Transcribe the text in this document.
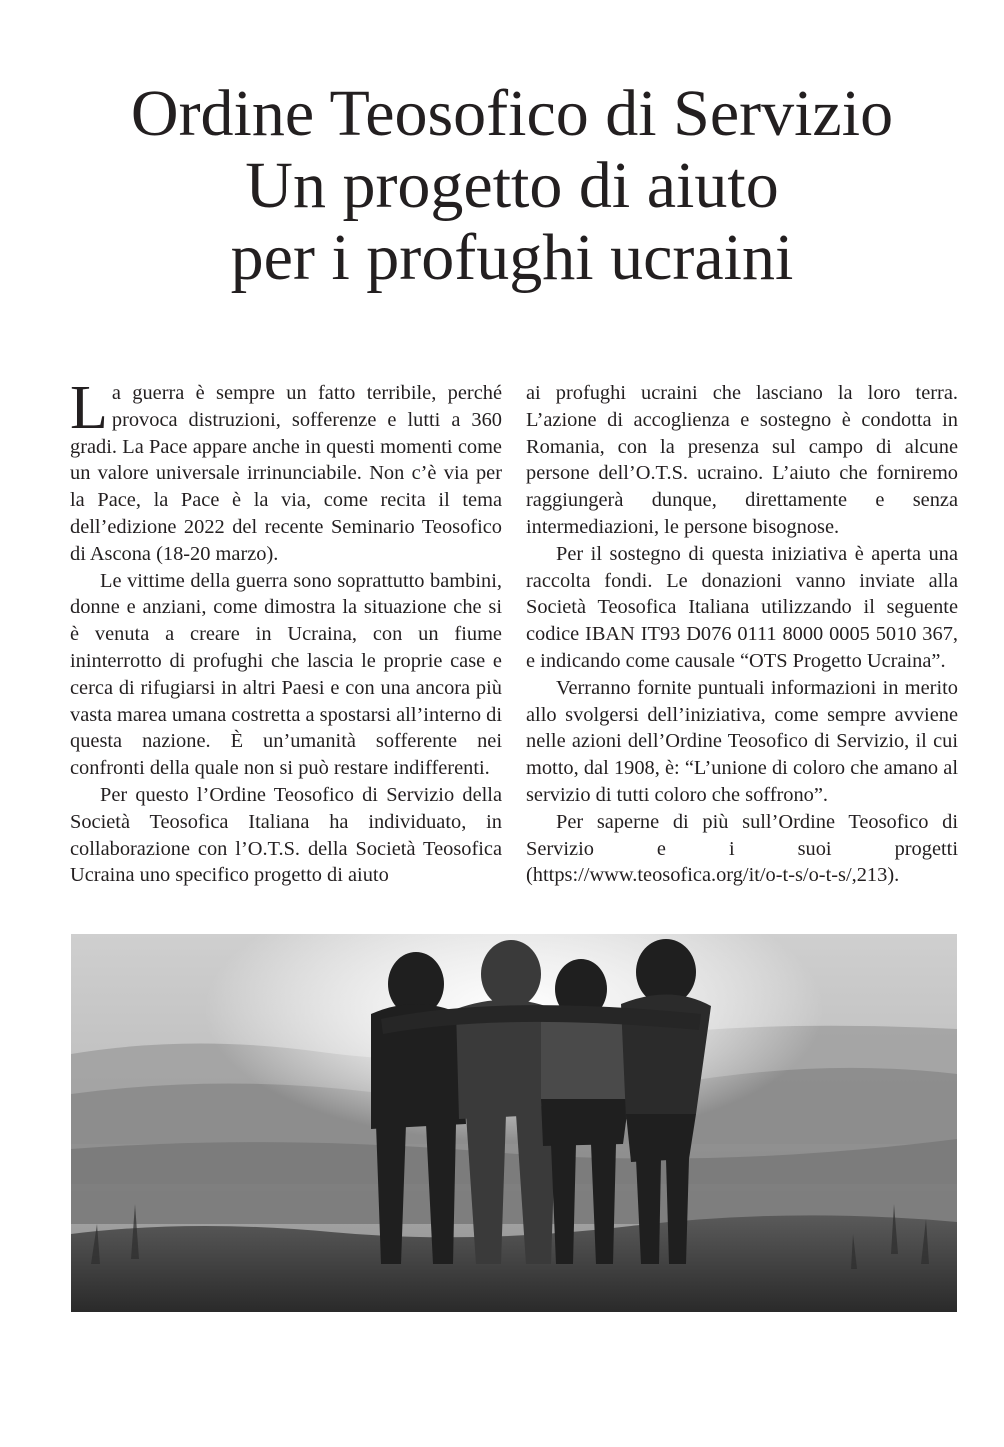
Ordine Teosofico di Servizio
Un progetto di aiuto
per i profughi ucraini

La guerra è sempre un fatto terribile, perché provoca distruzioni, sofferenze e lutti a 360 gradi. La Pace appare anche in questi momenti come un valore universale irrinunciabile. Non c’è via per la Pace, la Pace è la via, come recita il tema dell’edizione 2022 del recente Seminario Teosofico di Ascona (18-20 marzo).

Le vittime della guerra sono soprattutto bambini, donne e anziani, come dimostra la situazione che si è venuta a creare in Ucraina, con un fiume ininterrotto di profughi che lascia le proprie case e cerca di rifugiarsi in altri Paesi e con una ancora più vasta marea umana costretta a spostarsi all’interno di questa nazione. È un’umanità sofferente nei confronti della quale non si può restare indifferenti.

Per questo l’Ordine Teosofico di Servizio della Società Teosofica Italiana ha individuato, in collaborazione con l’O.T.S. della Società Teosofica Ucraina uno specifico progetto di aiuto

ai profughi ucraini che lasciano la loro terra. L’azione di accoglienza e sostegno è condotta in Romania, con la presenza sul campo di alcune persone dell’O.T.S. ucraino. L’aiuto che forniremo raggiungerà dunque, direttamente e senza intermediazioni, le persone bisognose.

Per il sostegno di questa iniziativa è aperta una raccolta fondi. Le donazioni vanno inviate alla Società Teosofica Italiana utilizzando il seguente codice IBAN IT93 D076 0111 8000 0005 5010 367, e indicando come causale “OTS Progetto Ucraina”.

Verranno fornite puntuali informazioni in merito allo svolgersi dell’iniziativa, come sempre avviene nelle azioni dell’Ordine Teosofico di Servizio, il cui motto, dal 1908, è: “L’unione di coloro che amano al servizio di tutti coloro che soffrono”.

Per saperne di più sull’Ordine Teosofico di Servizio e i suoi progetti (https://www.teosofica.org/it/o-t-s/o-t-s/,213).
